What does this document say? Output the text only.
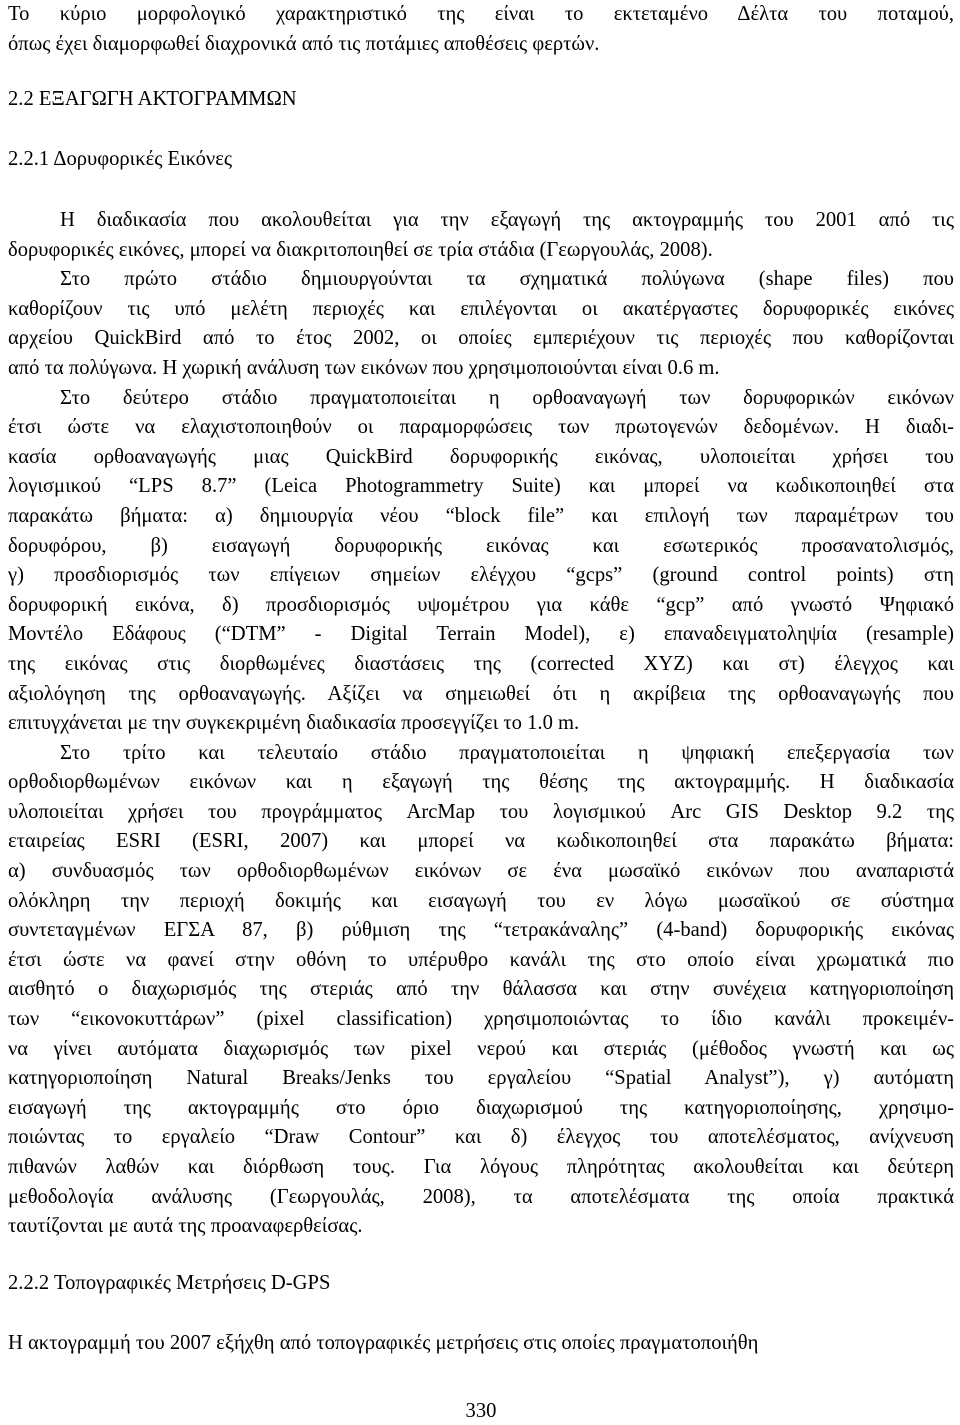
Το κύριο μορφολογικό χαρακτηριστικό της είναι το εκτεταμένο Δέλτα του ποταμού,
όπως έχει διαμορφωθεί διαχρονικά από τις ποτάμιες αποθέσεις φερτών.
2.2 ΕΞΑΓΩΓΗ ΑΚΤΟΓΡΑΜΜΩΝ
2.2.1 Δορυφορικές Εικόνες
Η διαδικασία που ακολουθείται για την εξαγωγή της ακτογραμμής του 2001 από τις
δορυφορικές εικόνες, μπορεί να διακριτοποιηθεί σε τρία στάδια (Γεωργουλάς, 2008).
Στο πρώτο στάδιο δημιουργούνται τα σχηματικά πολύγωνα (shape files) που
καθορίζουν τις υπό μελέτη περιοχές και επιλέγονται οι ακατέργαστες δορυφορικές εικόνες
αρχείου QuickBird από το έτος 2002, οι οποίες εμπεριέχουν τις περιοχές που καθορίζονται
από τα πολύγωνα. Η χωρική ανάλυση των εικόνων που χρησιμοποιούνται είναι 0.6 m.
Στο δεύτερο στάδιο πραγματοποιείται η ορθοαναγωγή των δορυφορικών εικόνων
έτσι ώστε να ελαχιστοποιηθούν οι παραμορφώσεις των πρωτογενών δεδομένων. Η διαδι-
κασία ορθοαναγωγής μιας QuickBird δορυφορικής εικόνας, υλοποιείται χρήσει του
λογισμικού “LPS 8.7” (Leica Photogrammetry Suite) και μπορεί να κωδικοποιηθεί στα
παρακάτω βήματα: α) δημιουργία νέου “block file” και επιλογή των παραμέτρων του
δορυφόρου, β) εισαγωγή δορυφορικής εικόνας και εσωτερικός προσανατολισμός,
γ) προσδιορισμός των επίγειων σημείων ελέγχου “gcps” (ground control points) στη
δορυφορική εικόνα, δ) προσδιορισμός υψομέτρου για κάθε “gcp” από γνωστό Ψηφιακό
Μοντέλο Εδάφους (“DTM” - Digital Terrain Model), ε) επαναδειγματοληψία (resample)
της εικόνας στις διορθωμένες διαστάσεις της (corrected XYZ) και στ) έλεγχος και
αξιολόγηση της ορθοαναγωγής. Αξίζει να σημειωθεί ότι η ακρίβεια της ορθοαναγωγής που
επιτυγχάνεται με την συγκεκριμένη διαδικασία προσεγγίζει το 1.0 m.
Στο τρίτο και τελευταίο στάδιο πραγματοποιείται η ψηφιακή επεξεργασία των
ορθοδιορθωμένων εικόνων και η εξαγωγή της θέσης της ακτογραμμής. Η διαδικασία
υλοποιείται χρήσει του προγράμματος ArcMap του λογισμικού Arc GIS Desktop 9.2 της
εταιρείας ESRI (ESRI, 2007) και μπορεί να κωδικοποιηθεί στα παρακάτω βήματα:
α) συνδυασμός των ορθοδιορθωμένων εικόνων σε ένα μωσαϊκό εικόνων που αναπαριστά
ολόκληρη την περιοχή δοκιμής και εισαγωγή του εν λόγω μωσαϊκού σε σύστημα
συντεταγμένων ΕΓΣΑ 87, β) ρύθμιση της “τετρακάναλης” (4-band) δορυφορικής εικόνας
έτσι ώστε να φανεί στην οθόνη το υπέρυθρο κανάλι της στο οποίο είναι χρωματικά πιο
αισθητό ο διαχωρισμός της στεριάς από την θάλασσα και στην συνέχεια κατηγοριοποίηση
των “εικονοκυττάρων” (pixel classification) χρησιμοποιώντας το ίδιο κανάλι προκειμέν-
να γίνει αυτόματα διαχωρισμός των pixel νερού και στεριάς (μέθοδος γνωστή και ως
κατηγοριοποίηση Natural Breaks/Jenks του εργαλείου “Spatial Analyst”), γ) αυτόματη
εισαγωγή της ακτογραμμής στο όριο διαχωρισμού της κατηγοριοποίησης, χρησιμο-
ποιώντας το εργαλείο “Draw Contour” και δ) έλεγχος του αποτελέσματος, ανίχνευση
πιθανών λαθών και διόρθωση τους. Για λόγους πληρότητας ακολουθείται και δεύτερη
μεθοδολογία ανάλυσης (Γεωργουλάς, 2008), τα αποτελέσματα της οποία πρακτικά
ταυτίζονται με αυτά της προαναφερθείσας.
2.2.2 Τοπογραφικές Μετρήσεις D-GPS
Η ακτογραμμή του 2007 εξήχθη από τοπογραφικές μετρήσεις στις οποίες πραγματοποιήθη
330
